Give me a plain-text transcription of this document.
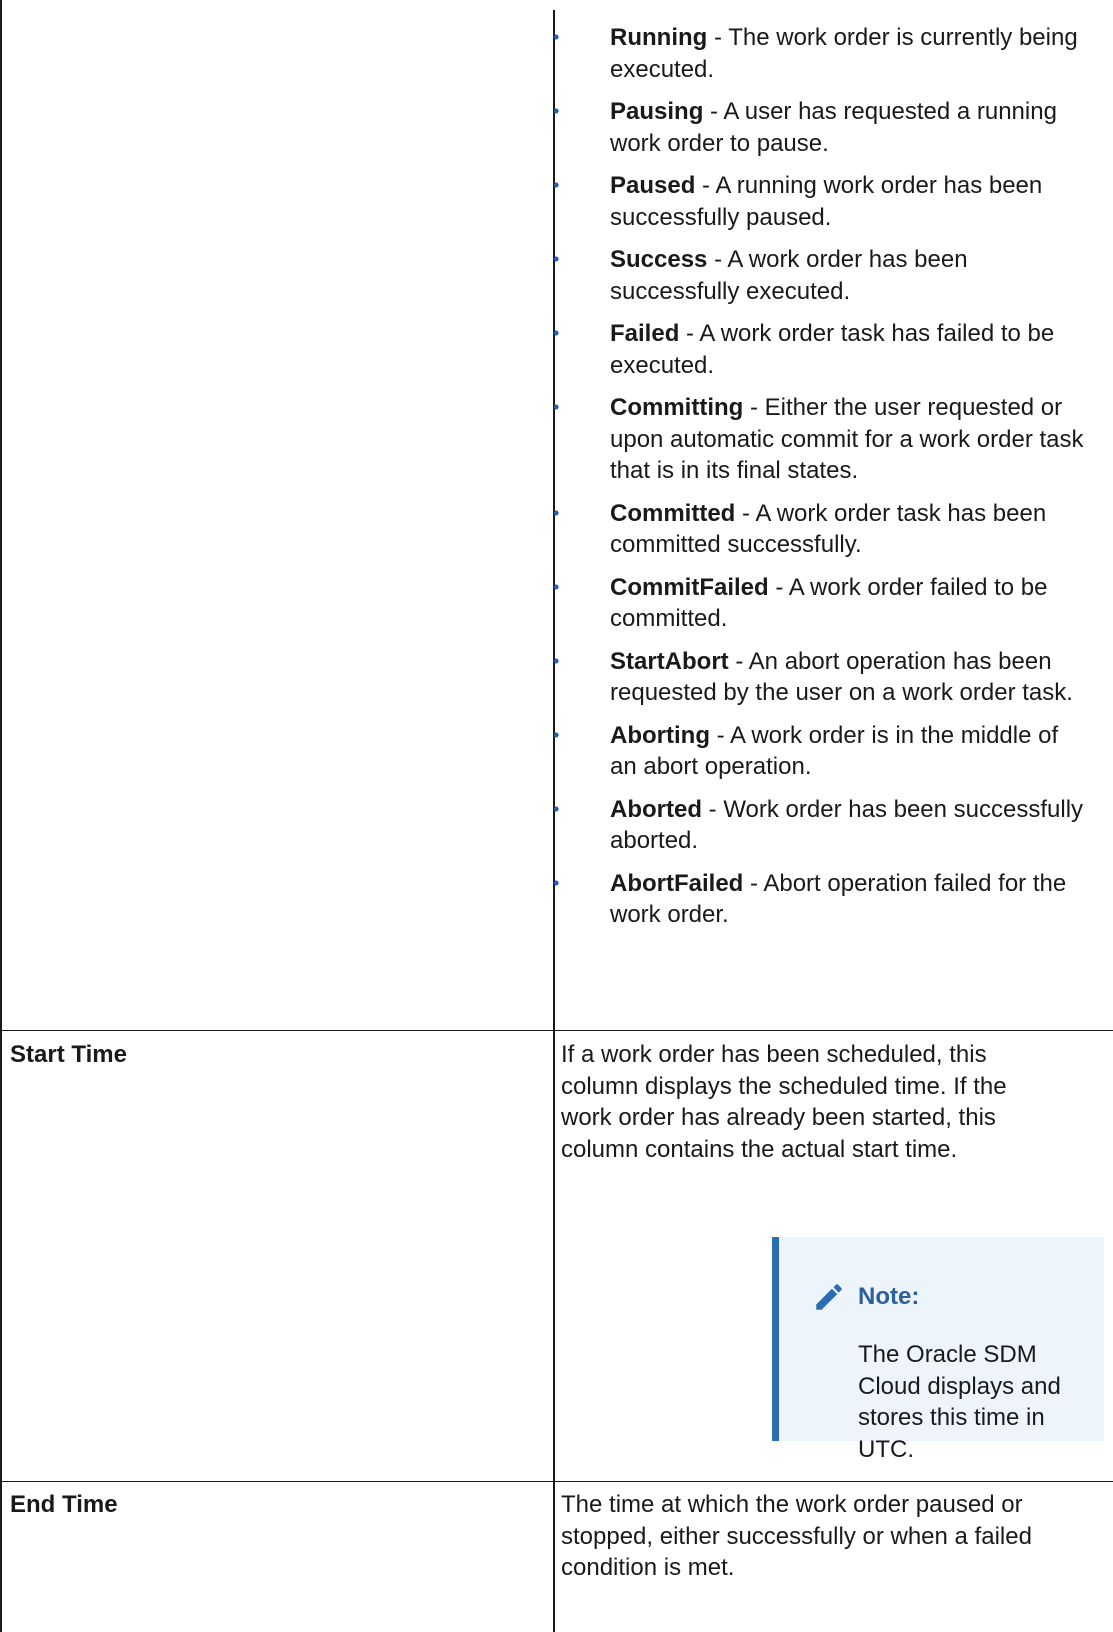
• Running - The work order is currently being executed.
• Pausing - A user has requested a running work order to pause.
• Paused - A running work order has been successfully paused.
• Success - A work order has been successfully executed.
• Failed - A work order task has failed to be executed.
• Committing - Either the user requested or upon automatic commit for a work order task that is in its final states.
• Committed - A work order task has been committed successfully.
• CommitFailed - A work order failed to be committed.
• StartAbort - An abort operation has been requested by the user on a work order task.
• Aborting - A work order is in the middle of an abort operation.
• Aborted - Work order has been successfully aborted.
• AbortFailed - Abort operation failed for the work order.
Start Time	If a work order has been scheduled, this column displays the scheduled time. If the work order has already been started, this column contains the actual start time.
Note:
The Oracle SDM Cloud displays and stores this time in UTC.
End Time	The time at which the work order paused or stopped, either successfully or when a failed condition is met.
